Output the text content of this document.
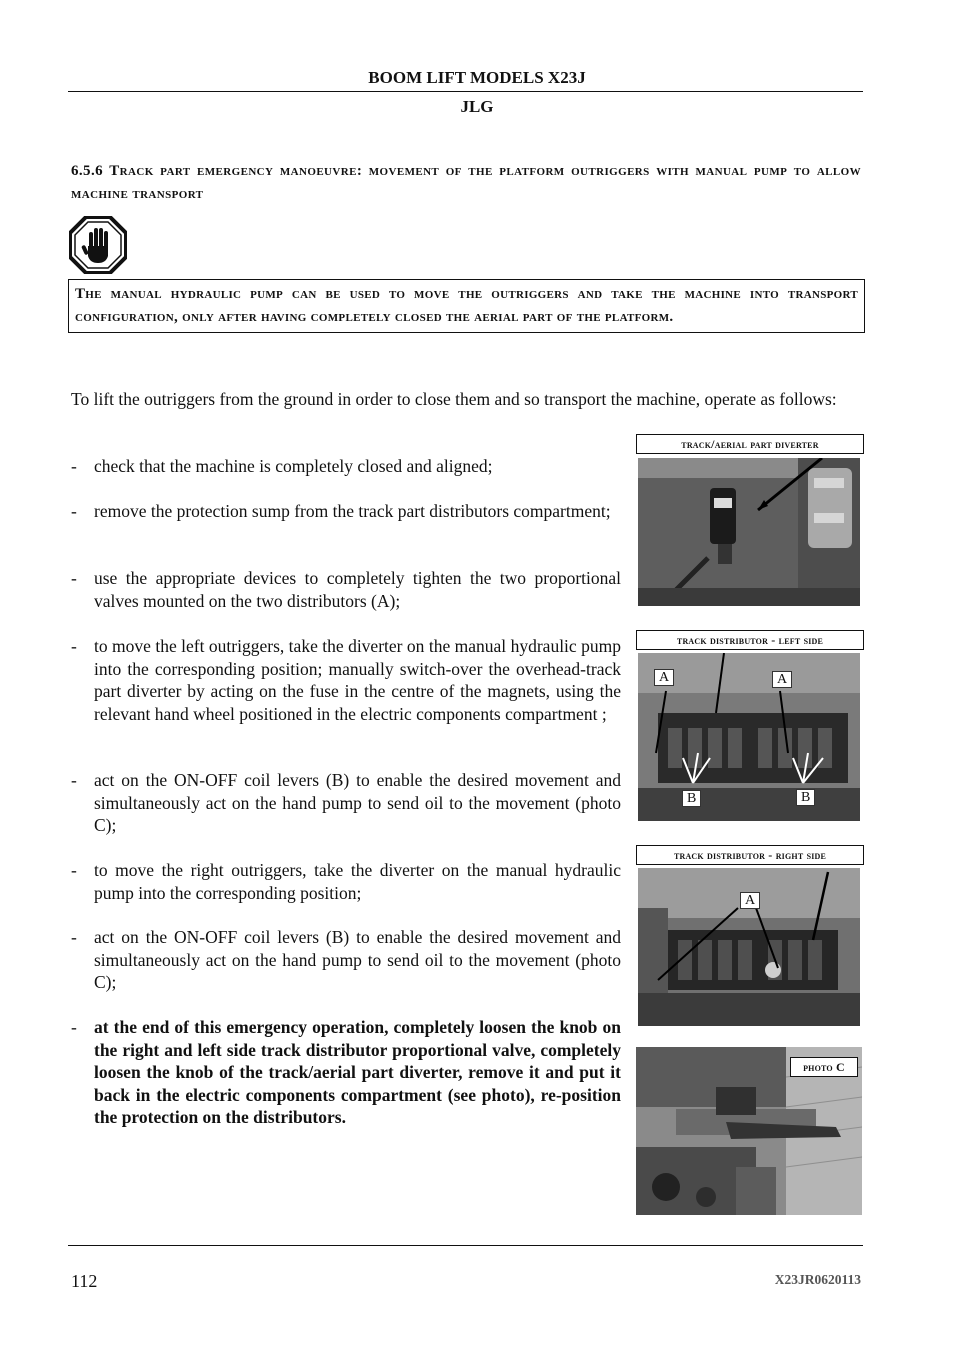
BOOM LIFT MODELS X23J
JLG
6.5.6 Track part emergency manoeuvre: movement of the platform outriggers with manual pump to allow machine transport
The manual hydraulic pump can be used to move the outriggers and take the machine into transport configuration, only after having completely closed the aerial part of the platform.
To lift the outriggers from the ground in order to close them and so transport the machine, operate as follows:
- check that the machine is completely closed and aligned;
- remove the protection sump from the track part distributors compartment;
- use the appropriate devices to completely tighten the two proportional valves mounted on the two distributors (A);
- to move the left outriggers, take the diverter on the manual hydraulic pump into the corresponding position; manually switch-over the overhead-track part diverter by acting on the fuse in the centre of the magnets, using the relevant hand wheel positioned in the electric components compartment ;
- act on the ON-OFF coil levers (B) to enable the desired movement and simultaneously act on the hand pump to send oil to the movement (photo C);
- to move the right outriggers, take the diverter on the manual hydraulic pump into the corresponding position;
- act on the ON-OFF coil levers (B) to enable the desired movement and simultaneously act on the hand pump to send oil to the movement (photo C);
- at the end of this emergency operation, completely loosen the knob on the right and left side track distributor proportional valve, completely loosen the knob of the track/aerial part diverter, remove it and put it back in the electric components compartment (see photo), re-position the protection on the distributors.
track/aerial part diverter
track distributor - left side
A	A
B	B
track distributor - right side
A
photo C
112	X23JR0620113
